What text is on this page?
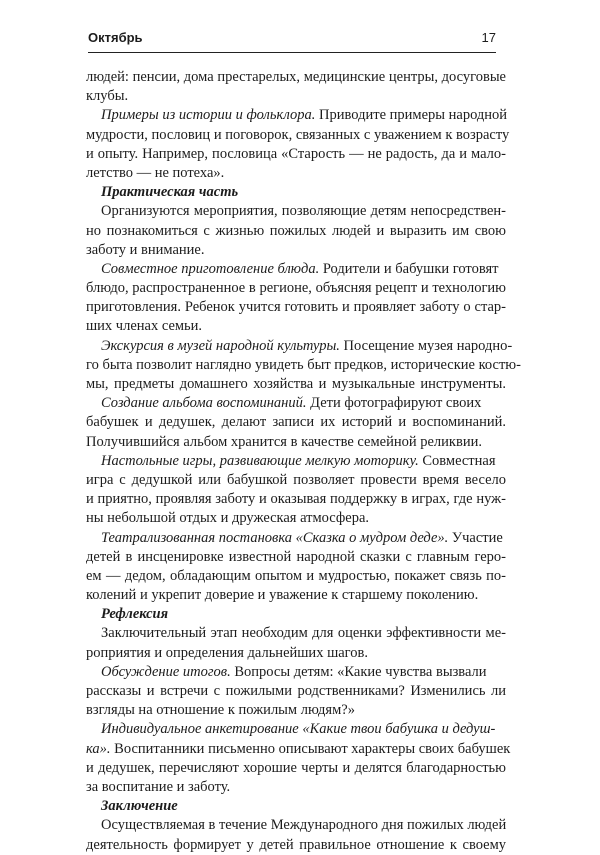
Октябрь	17
людей: пенсии, дома престарелых, медицинские центры, досуговые
клубы.
Примеры из истории и фольклора. Приводите примеры народной
мудрости, пословиц и поговорок, связанных с уважением к возрасту
и опыту. Например, пословица «Старость — не радость, да и мало-
летство — не потеха».
Практическая часть
Организуются мероприятия, позволяющие детям непосредствен-
но познакомиться с жизнью пожилых людей и выразить им свою
заботу и внимание.
Совместное приготовление блюда. Родители и бабушки готовят
блюдо, распространенное в регионе, объясняя рецепт и технологию
приготовления. Ребенок учится готовить и проявляет заботу о стар-
ших членах семьи.
Экскурсия в музей народной культуры. Посещение музея народно-
го быта позволит наглядно увидеть быт предков, исторические костю-
мы, предметы домашнего хозяйства и музыкальные инструменты.
Создание альбома воспоминаний. Дети фотографируют своих
бабушек и дедушек, делают записи их историй и воспоминаний.
Получившийся альбом хранится в качестве семейной реликвии.
Настольные игры, развивающие мелкую моторику. Совместная
игра с дедушкой или бабушкой позволяет провести время весело
и приятно, проявляя заботу и оказывая поддержку в играх, где нуж-
ны небольшой отдых и дружеская атмосфера.
Театрализованная постановка «Сказка о мудром деде». Участие
детей в инсценировке известной народной сказки с главным геро-
ем — дедом, обладающим опытом и мудростью, покажет связь по-
колений и укрепит доверие и уважение к старшему поколению.
Рефлексия
Заключительный этап необходим для оценки эффективности ме-
роприятия и определения дальнейших шагов.
Обсуждение итогов. Вопросы детям: «Какие чувства вызвали
рассказы и встречи с пожилыми родственниками? Изменились ли
взгляды на отношение к пожилым людям?»
Индивидуальное анкетирование «Какие твои бабушка и дедуш-
ка». Воспитанники письменно описывают характеры своих бабушек
и дедушек, перечисляют хорошие черты и делятся благодарностью
за воспитание и заботу.
Заключение
Осуществляемая в течение Международного дня пожилых людей
деятельность формирует у детей правильное отношение к своему
